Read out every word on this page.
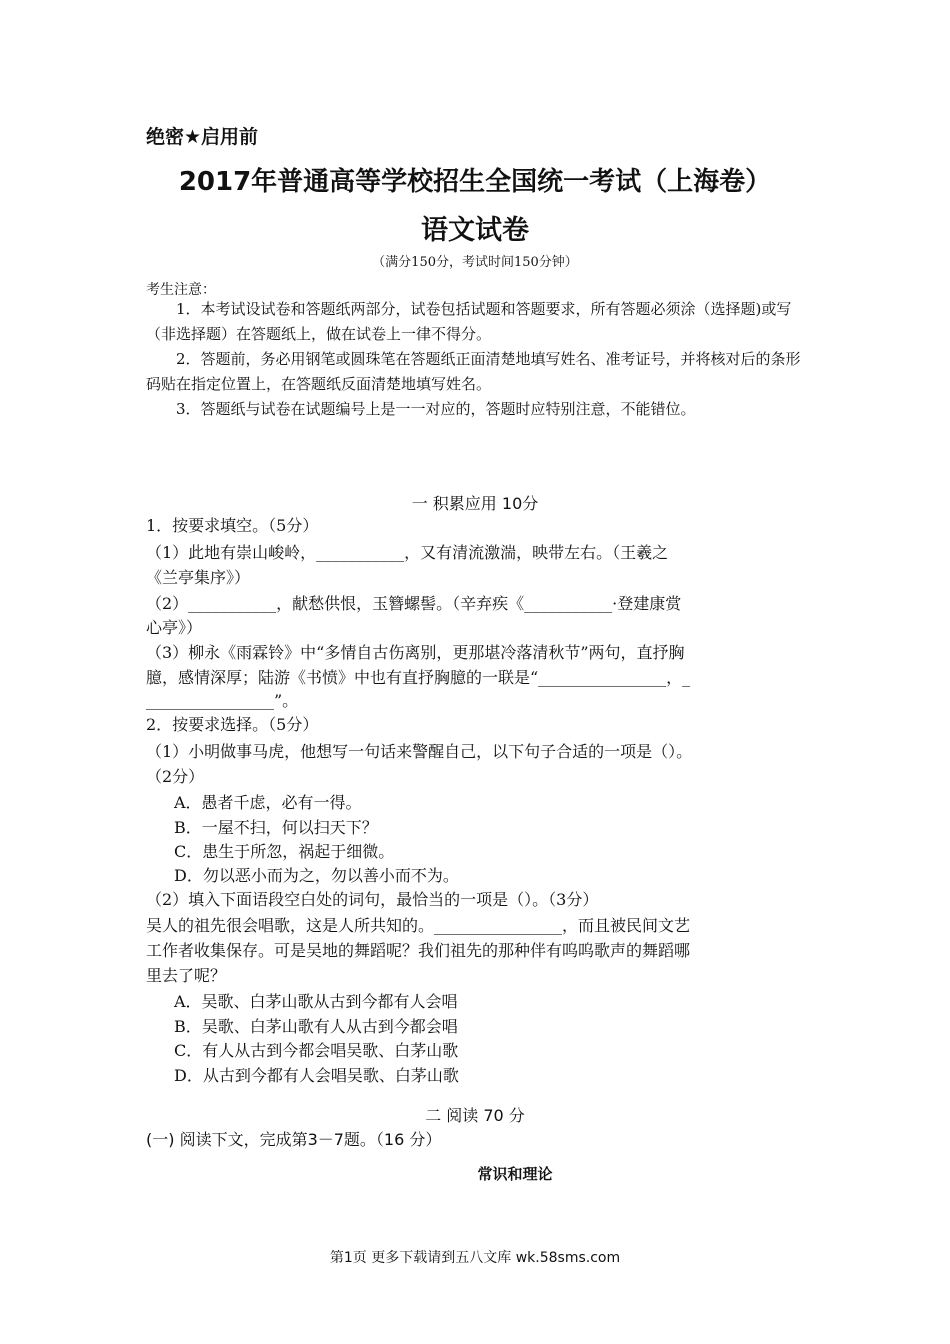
绝密★启用前
2017年普通高等学校招生全国统一考试（上海卷）
语文试卷
（满分150分，考试时间150分钟）
考生注意：
1．本考试设试卷和答题纸两部分，试卷包括试题和答题要求，所有答题必须涂（选择题)或写（非选择题）在答题纸上，做在试卷上一律不得分。
2．答题前，务必用钢笔或圆珠笔在答题纸正面清楚地填写姓名、准考证号，并将核对后的条形码贴在指定位置上，在答题纸反面清楚地填写姓名。
3．答题纸与试卷在试题编号上是一一对应的，答题时应特别注意，不能错位。
一 积累应用 10分
1．按要求填空。（5分）
（1）此地有崇山峻岭，___________，又有清流激湍，映带左右。（王羲之
《兰亭集序》）
（2）___________，献愁供恨，玉簪螺髻。（辛弃疾《___________·登建康赏
心亭》）
（3）柳永《雨霖铃》中“多情自古伤离别，更那堪冷落清秋节”两句，直抒胸
臆，感情深厚；陆游《书愤》中也有直抒胸臆的一联是“________________，_
________________”。
2．按要求选择。（5分）
（1）小明做事马虎，他想写一句话来警醒自己，以下句子合适的一项是（）。
（2分）
A．愚者千虑，必有一得。
B．一屋不扫，何以扫天下？
C．患生于所忽，祸起于细微。
D．勿以恶小而为之，勿以善小而不为。
（2）填入下面语段空白处的词句，最恰当的一项是（）。（3分）
吴人的祖先很会唱歌，这是人所共知的。________________，而且被民间文艺
工作者收集保存。可是吴地的舞蹈呢？我们祖先的那种伴有呜呜歌声的舞蹈哪
里去了呢？
A．吴歌、白茅山歌从古到今都有人会唱
B．吴歌、白茅山歌有人从古到今都会唱
C．有人从古到今都会唱吴歌、白茅山歌
D．从古到今都有人会唱吴歌、白茅山歌
二 阅读 70 分
(一) 阅读下文，完成第3－7题。（16 分）
常识和理论
第1页 更多下载请到五八文库 wk.58sms.com
